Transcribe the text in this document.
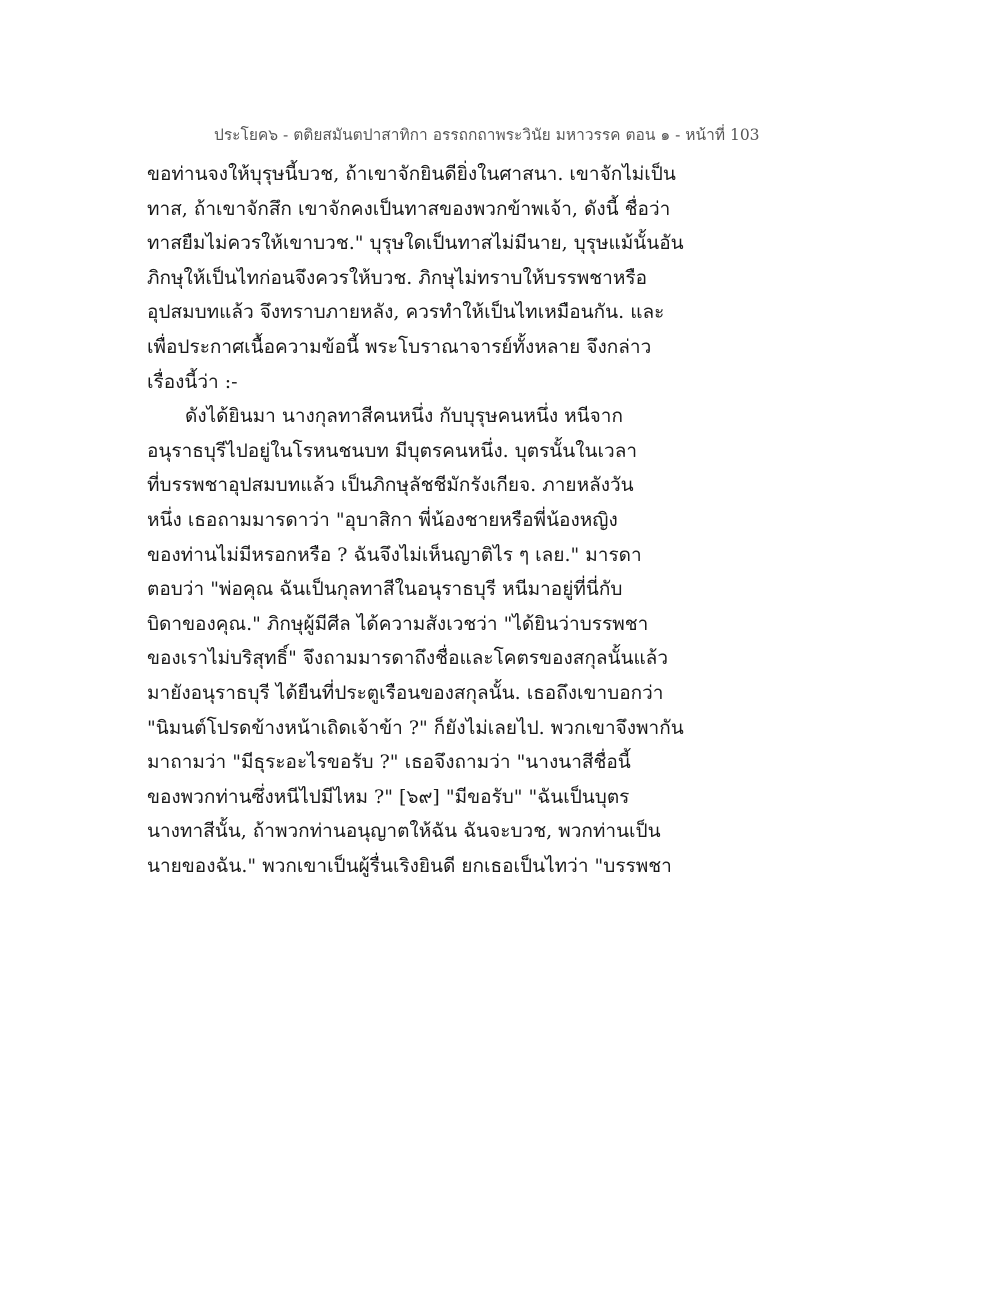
ประโยค๖ - ตติยสมันตปาสาทิกา อรรถกถาพระวินัย มหาวรรค ตอน ๑ - หน้าที่ 103
ขอท่านจงให้บุรุษนี้บวช, ถ้าเขาจักยินดียิ่งในศาสนา. เขาจักไม่เป็น
ทาส, ถ้าเขาจักสึก เขาจักคงเป็นทาสของพวกข้าพเจ้า, ดังนี้ ชื่อว่า
ทาสยืมไม่ควรให้เขาบวช." บุรุษใดเป็นทาสไม่มีนาย, บุรุษแม้นั้นอัน
ภิกษุให้เป็นไทก่อนจึงควรให้บวช. ภิกษุไม่ทราบให้บรรพชาหรือ
อุปสมบทแล้ว จึงทราบภายหลัง, ควรทำให้เป็นไทเหมือนกัน. และ
เพื่อประกาศเนื้อความข้อนี้ พระโบราณาจารย์ทั้งหลาย จึงกล่าว
เรื่องนี้ว่า :-
ดังได้ยินมา นางกุลทาสีคนหนึ่ง กับบุรุษคนหนึ่ง หนีจาก
อนุราธบุรีไปอยู่ในโรหนชนบท มีบุตรคนหนึ่ง. บุตรนั้นในเวลา
ที่บรรพชาอุปสมบทแล้ว เป็นภิกษุลัชชีมักรังเกียจ. ภายหลังวัน
หนึ่ง เธอถามมารดาว่า "อุบาสิกา พี่น้องชายหรือพี่น้องหญิง
ของท่านไม่มีหรอกหรือ ? ฉันจึงไม่เห็นญาติไร ๆ เลย." มารดา
ตอบว่า "พ่อคุณ ฉันเป็นกุลทาสีในอนุราธบุรี หนีมาอยู่ที่นี่กับ
บิดาของคุณ." ภิกษุผู้มีศีล ได้ความสังเวชว่า "ได้ยินว่าบรรพชา
ของเราไม่บริสุทธิ์" จึงถามมารดาถึงชื่อและโคตรของสกุลนั้นแล้ว
มายังอนุราธบุรี ได้ยืนที่ประตูเรือนของสกุลนั้น. เธอถึงเขาบอกว่า
"นิมนต์โปรดข้างหน้าเถิดเจ้าข้า ?" ก็ยังไม่เลยไป. พวกเขาจึงพากัน
มาถามว่า "มีธุระอะไรขอรับ ?" เธอจึงถามว่า "นางนาสีชื่อนี้
ของพวกท่านซึ่งหนีไปมีไหม ?" [๖๙] "มีขอรับ" "ฉันเป็นบุตร
นางทาสีนั้น, ถ้าพวกท่านอนุญาตให้ฉัน ฉันจะบวช, พวกท่านเป็น
นายของฉัน." พวกเขาเป็นผู้รื่นเริงยินดี ยกเธอเป็นไทว่า "บรรพชา
